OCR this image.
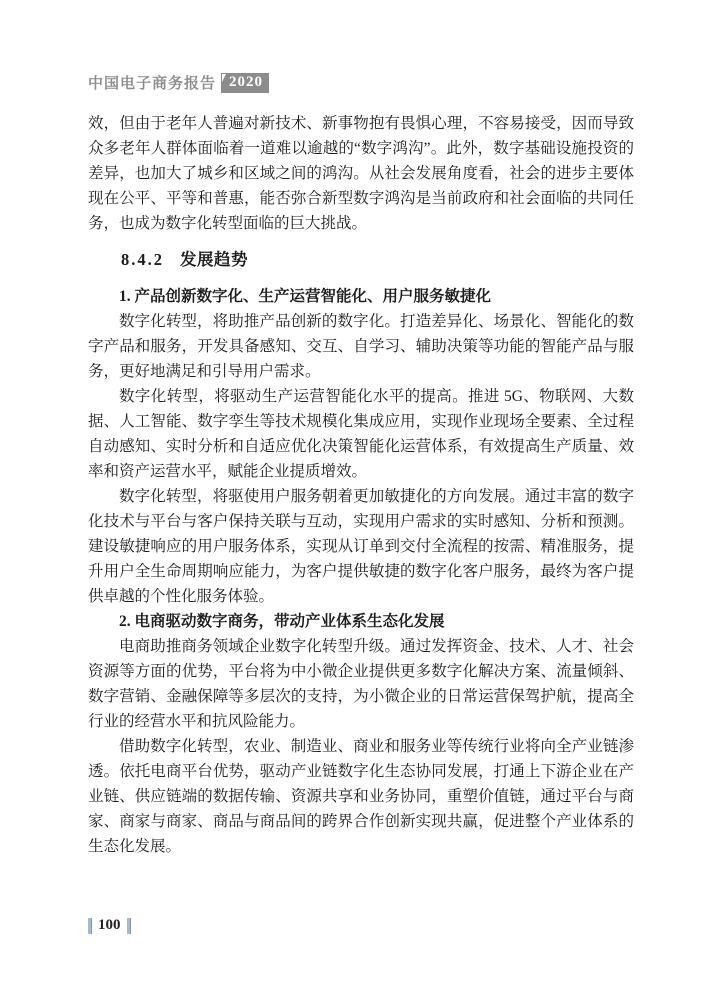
中国电子商务报告 2020

效，但由于老年人普遍对新技术、新事物抱有畏惧心理，不容易接受，因而导致众多老年人群体面临着一道难以逾越的“数字鸿沟”。此外，数字基础设施投资的差异，也加大了城乡和区域之间的鸿沟。从社会发展角度看，社会的进步主要体现在公平、平等和普惠，能否弥合新型数字鸿沟是当前政府和社会面临的共同任务，也成为数字化转型面临的巨大挑战。

8.4.2 发展趋势

1. 产品创新数字化、生产运营智能化、用户服务敏捷化

数字化转型，将助推产品创新的数字化。打造差异化、场景化、智能化的数字产品和服务，开发具备感知、交互、自学习、辅助决策等功能的智能产品与服务，更好地满足和引导用户需求。

数字化转型，将驱动生产运营智能化水平的提高。推进 5G、物联网、大数据、人工智能、数字孪生等技术规模化集成应用，实现作业现场全要素、全过程自动感知、实时分析和自适应优化决策智能化运营体系，有效提高生产质量、效率和资产运营水平，赋能企业提质增效。

数字化转型，将驱使用户服务朝着更加敏捷化的方向发展。通过丰富的数字化技术与平台与客户保持关联与互动，实现用户需求的实时感知、分析和预测。建设敏捷响应的用户服务体系，实现从订单到交付全流程的按需、精准服务，提升用户全生命周期响应能力，为客户提供敏捷的数字化客户服务，最终为客户提供卓越的个性化服务体验。

2. 电商驱动数字商务，带动产业体系生态化发展

电商助推商务领域企业数字化转型升级。通过发挥资金、技术、人才、社会资源等方面的优势，平台将为中小微企业提供更多数字化解决方案、流量倾斜、数字营销、金融保障等多层次的支持，为小微企业的日常运营保驾护航，提高全行业的经营水平和抗风险能力。

借助数字化转型，农业、制造业、商业和服务业等传统行业将向全产业链渗透。依托电商平台优势，驱动产业链数字化生态协同发展，打通上下游企业在产业链、供应链端的数据传输、资源共享和业务协同，重塑价值链，通过平台与商家、商家与商家、商品与商品间的跨界合作创新实现共赢，促进整个产业体系的生态化发展。

100
